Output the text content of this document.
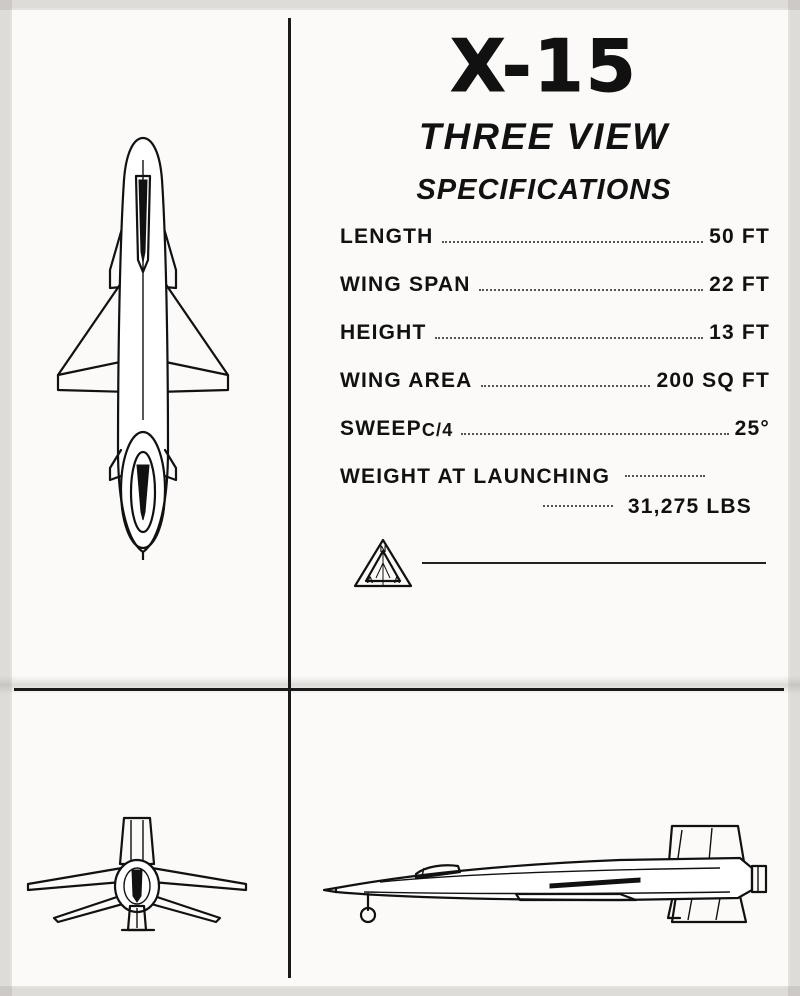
X-15
THREE VIEW
SPECIFICATIONS
LENGTH	50 FT
WING SPAN	22 FT
HEIGHT	13 FT
WING AREA	200 SQ FT
SWEEP C/4	25°
WEIGHT AT LAUNCHING
31,275 LBS
N
A A
